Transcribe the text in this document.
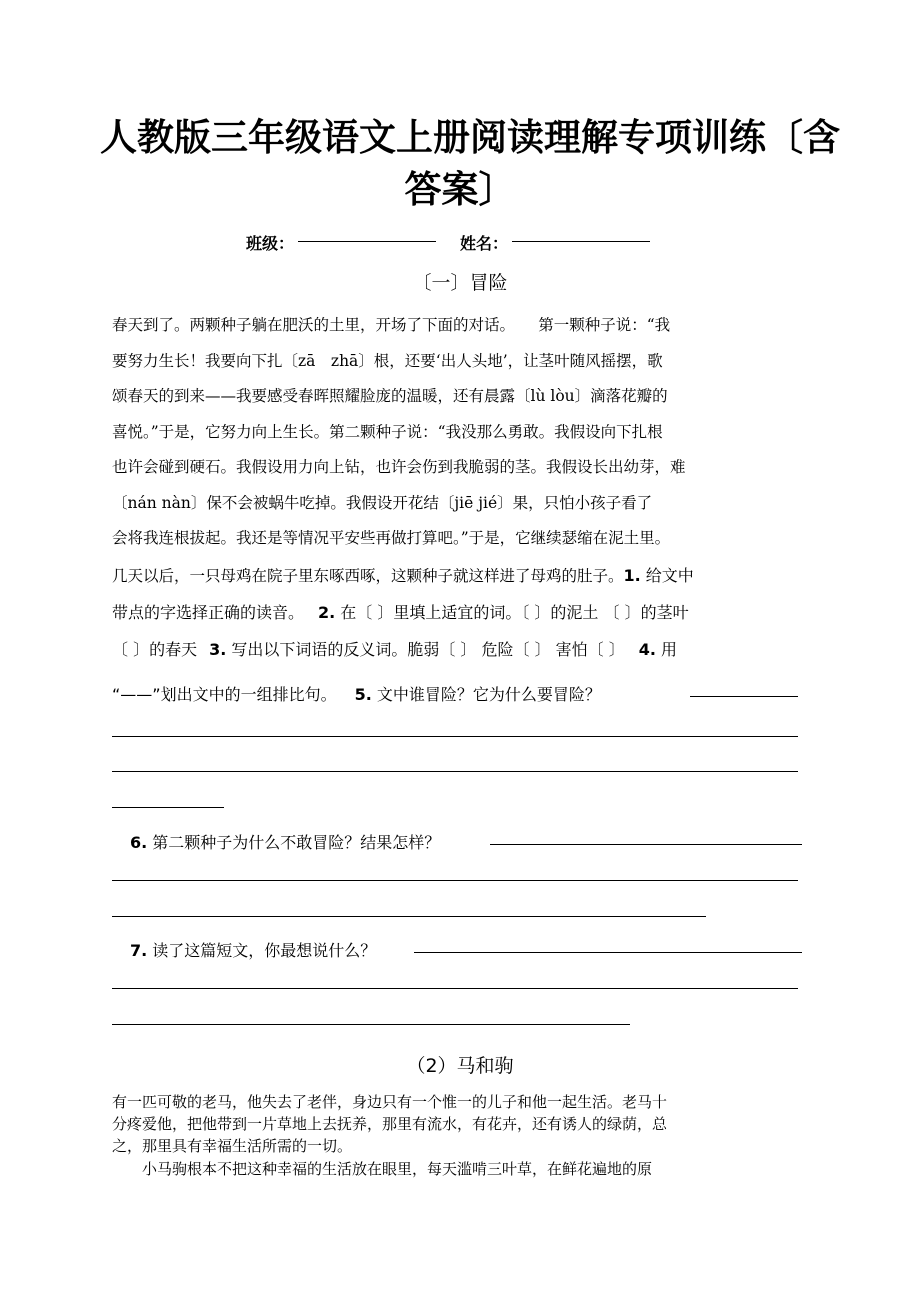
人教版三年级语文上册阅读理解专项训练〔含
答案〕
班级：	姓名：
〔一〕冒险
春天到了。两颗种子躺在肥沃的土里，开场了下面的对话。　　第一颗种子说：“我
要努力生长！我要向下扎〔zā　zhā〕根，还要‘出人头地’，让茎叶随风摇摆，歌
颂春天的到来——我要感受春晖照耀脸庞的温暖，还有晨露〔lù lòu〕滴落花瓣的
喜悦。”于是，它努力向上生长。第二颗种子说：“我没那么勇敢。我假设向下扎根
也许会碰到硬石。我假设用力向上钻，也许会伤到我脆弱的茎。我假设长出幼芽，难
〔nán nàn〕保不会被蜗牛吃掉。我假设开花结〔jiē jié〕果，只怕小孩子看了
会将我连根拔起。我还是等情况平安些再做打算吧。”于是，它继续瑟缩在泥土里。
几天以后，一只母鸡在院子里东啄西啄，这颗种子就这样进了母鸡的肚子。1. 给文中
带点的字选择正确的读音。 2. 在〔 〕里填上适宜的词。〔 〕的泥土 〔 〕的茎叶
〔 〕的春天 3. 写出以下词语的反义词。脆弱〔 〕 危险〔 〕 害怕〔 〕 4. 用
“——”划出文中的一组排比句。 5. 文中谁冒险？它为什么要冒险？
6. 第二颗种子为什么不敢冒险？结果怎样？
7. 读了这篇短文，你最想说什么？
（2）马和驹
有一匹可敬的老马，他失去了老伴，身边只有一个惟一的儿子和他一起生活。老马十
分疼爱他，把他带到一片草地上去抚养，那里有流水，有花卉，还有诱人的绿荫，总
之，那里具有幸福生活所需的一切。
　　小马驹根本不把这种幸福的生活放在眼里，每天滥啃三叶草，在鲜花遍地的原
